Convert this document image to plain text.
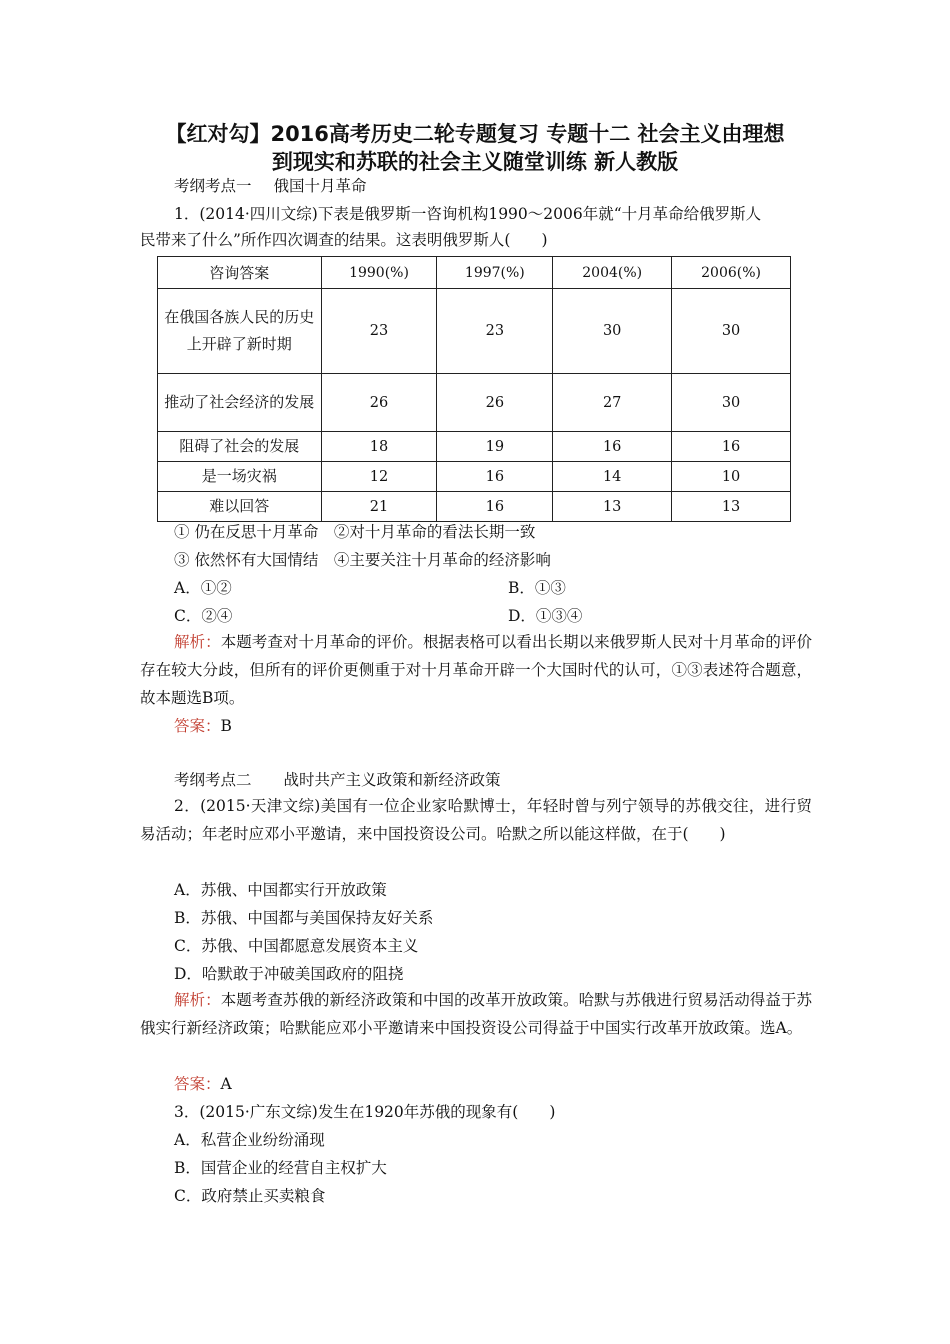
【红对勾】2016高考历史二轮专题复习 专题十二 社会主义由理想
到现实和苏联的社会主义随堂训练 新人教版
考纲考点一 俄国十月革命
1．(2014·四川文综)下表是俄罗斯一咨询机构1990～2006年就“十月革命给俄罗斯人
民带来了什么”所作四次调查的结果。这表明俄罗斯人(　　)
咨询答案	1990(%)	1997(%)	2004(%)	2006(%)
在俄国各族人民的历史上开辟了新时期	23	23	30	30
推动了社会经济的发展	26	26	27	30
阻碍了社会的发展	18	19	16	16
是一场灾祸	12	16	14	10
难以回答	21	16	13	13
① 仍在反思十月革命　②对十月革命的看法长期一致
③ 依然怀有大国情结　④主要关注十月革命的经济影响
A．①②	B．①③
C．②④	D．①③④
解析：本题考查对十月革命的评价。根据表格可以看出长期以来俄罗斯人民对十月革命的评价存在较大分歧，但所有的评价更侧重于对十月革命开辟一个大国时代的认可，①③表述符合题意，故本题选B项。
答案：B
考纲考点二 战时共产主义政策和新经济政策
2．(2015·天津文综)美国有一位企业家哈默博士，年轻时曾与列宁领导的苏俄交往，进行贸易活动；年老时应邓小平邀请，来中国投资设公司。哈默之所以能这样做，在于(　　)
A．苏俄、中国都实行开放政策
B．苏俄、中国都与美国保持友好关系
C．苏俄、中国都愿意发展资本主义
D．哈默敢于冲破美国政府的阻挠
解析：本题考查苏俄的新经济政策和中国的改革开放政策。哈默与苏俄进行贸易活动得益于苏俄实行新经济政策；哈默能应邓小平邀请来中国投资设公司得益于中国实行改革开放政策。选A。
答案：A
3．(2015·广东文综)发生在1920年苏俄的现象有(　　)
A．私营企业纷纷涌现
B．国营企业的经营自主权扩大
C．政府禁止买卖粮食
